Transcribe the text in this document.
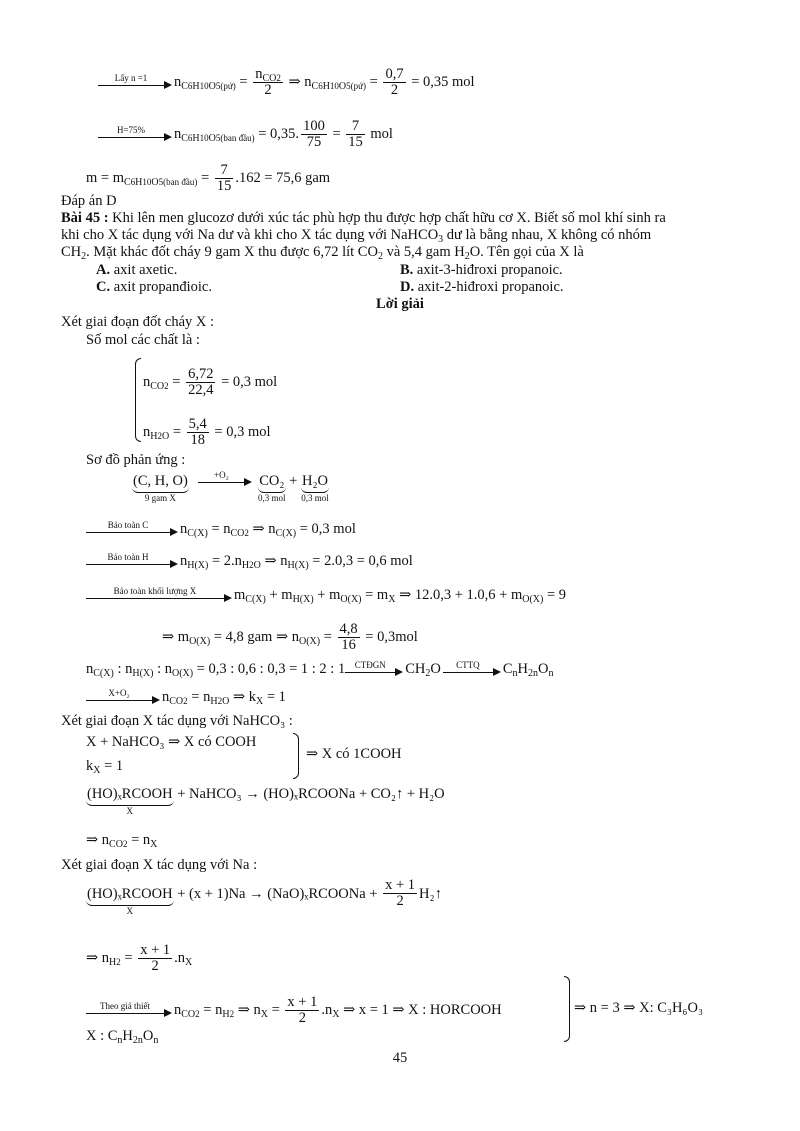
Lấy n =1	$n_{C6H10O5(pứ)} = \frac{n_{CO2}}{2}$ ⇒ $n_{C6H10O5(pứ)} = \frac{0,7}{2} = 0,35$ mol
H=75%	$n_{C6H10O5(ban đầu)} = 0,35$. $\frac{100}{75} = \frac{7}{15}$ mol
$m = m_{C6H10O5(ban đầu)} = \frac{7}{15} .162 = 75,6$ gam
Đáp án D
Bài 45 : Khi lên men glucozơ dưới xúc tác phù hợp thu được hợp chất hữu cơ X. Biết số mol khí sinh ra
khi cho X tác dụng với Na dư và khi cho X tác dụng với NaHCO$_3$ dư là bằng nhau, X không có nhóm
$CH_2$. Mặt khác đốt cháy 9 gam X thu được 6,72 lít $CO_2$ và 5,4 gam $H_2O$. Tên gọi của X là
A. axit axetic.	B. axit-3-hiđroxi propanoic.
C. axit propanđioic.	D. axit-2-hiđroxi propanoic.
Lời giải
Xét giai đoạn đốt cháy X :
Số mol các chất là :
$n_{CO2} = \frac{6,72}{22,4} = 0,3$ mol
$n_{H2O} = \frac{5,4}{18} = 0,3$ mol
Sơ đồ phản ứng :
(C, H, O)
9 gam X

+O₂
	CO₂
0,3 mol
+ H₂O
0,3 mol
Bảo toàn C	$n_{C(X)} = n_{CO2}$ ⇒ $n_{C(X)} = 0,3$ mol
Bảo toàn H	$n_{H(X)} = 2.n_{H2O}$ ⇒ $n_{H(X)} = 2.0,3 = 0,6$ mol
Bảo toàn khối lượng X	$m_{C(X)} + m_{H(X)} + m_{O(X)} = m_X$ ⇒ $12.0,3 + 1.0,6 + m_{O(X)} = 9$
⇒ $m_{O(X)} = 4,8$ gam ⇒ $n_{O(X)} = \frac{4,8}{16} = 0,3mol$
$n_{C(X)}$ : $n_{H(X)}$ : $n_{O(X)} = 0,3$ : 0,6 : 0,3 = 1 : 2 : 1	CTĐGN	$CH_2O$	CTTQ	$C_nH_{2n}O_n$
X+O₂	$n_{CO2} = n_{H2O}$ ⇒ $k_X = 1$
Xét giai đoạn X tác dụng với NaHCO₃ :
X + NaHCO₃ ⇒ X có COOH
$k_X = 1$
⇒ X có 1COOH
(HO)ₓRCOOH
X
+ NaHCO₃ → (HO)ₓRCOONa + CO₂↑ + H₂O
⇒ $n_{CO2} = n_X$
Xét giai đoạn X tác dụng với Na :
(HO)ₓRCOOH
X
+ (x + 1)Na → (NaO)ₓRCOONa + $\frac{x + 1}{2}$ H₂↑
⇒ $n_{H2} = \frac{x + 1}{2} .n_X$
Theo giả thiết	$n_{CO2} = n_{H2}$ ⇒ $n_X = \frac{x + 1}{2} .n_X$ ⇒ x = 1 ⇒ X : HORCOOH
X : $C_nH_{2n}O_n$
⇒ n = 3 ⇒ X: C₃H₆O₃
45
